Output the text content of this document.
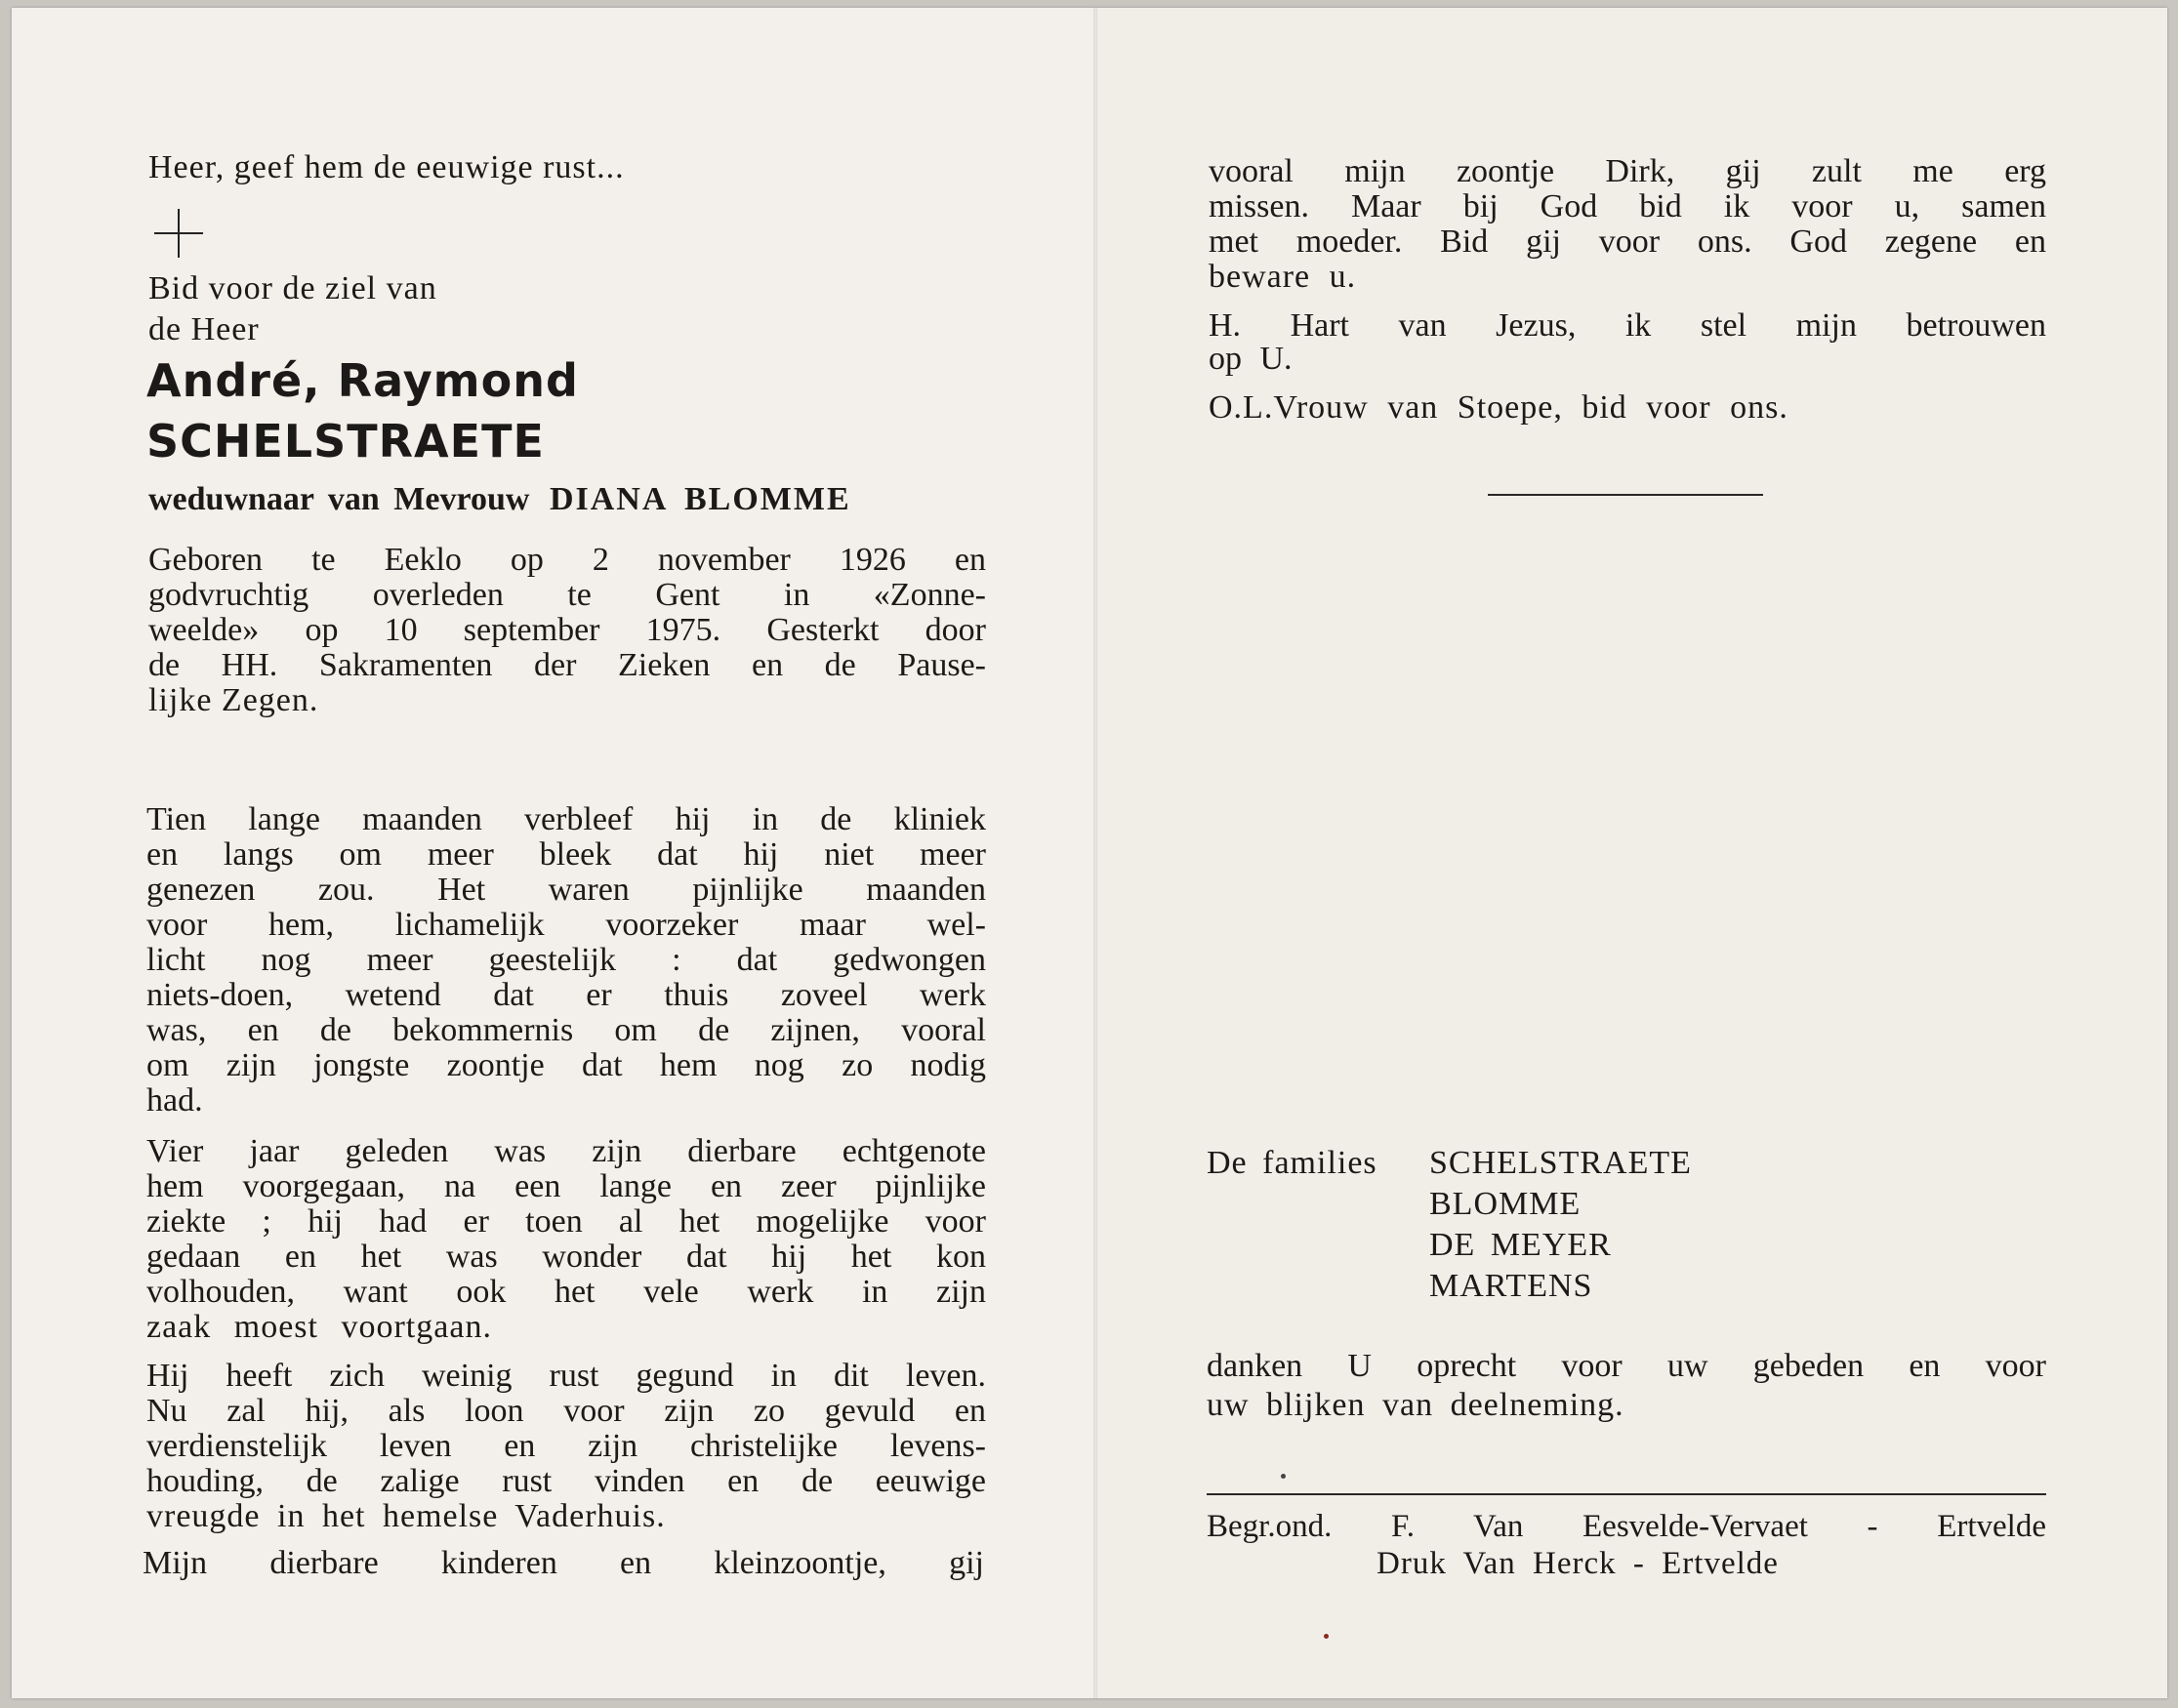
Heer, geef hem de eeuwige rust...
Bid voor de ziel van
de Heer
André, Raymond
SCHELSTRAETE
weduwnaar van Mevrouw DIANA BLOMME
Geboren te Eeklo op 2 november 1926 en
godvruchtig overleden te Gent in «Zonne-
weelde» op 10 september 1975. Gesterkt door
de HH. Sakramenten der Zieken en de Pause-
lijke Zegen.
Tien lange maanden verbleef hij in de kliniek
en langs om meer bleek dat hij niet meer
genezen zou. Het waren pijnlijke maanden
voor hem, lichamelijk voorzeker maar wel-
licht nog meer geestelijk : dat gedwongen
niets-doen, wetend dat er thuis zoveel werk
was, en de bekommernis om de zijnen, vooral
om zijn jongste zoontje dat hem nog zo nodig
had.
Vier jaar geleden was zijn dierbare echtgenote
hem voorgegaan, na een lange en zeer pijnlijke
ziekte ; hij had er toen al het mogelijke voor
gedaan en het was wonder dat hij het kon
volhouden, want ook het vele werk in zijn
zaak moest voortgaan.
Hij heeft zich weinig rust gegund in dit leven.
Nu zal hij, als loon voor zijn zo gevuld en
verdienstelijk leven en zijn christelijke levens-
houding, de zalige rust vinden en de eeuwige
vreugde in het hemelse Vaderhuis.
Mijn dierbare kinderen en kleinzoontje, gij
vooral mijn zoontje Dirk, gij zult me erg
missen. Maar bij God bid ik voor u, samen
met moeder. Bid gij voor ons. God zegene en
beware u.
H. Hart van Jezus, ik stel mijn betrouwen
op U.
O.L.Vrouw van Stoepe, bid voor ons.
De families SCHELSTRAETE
BLOMME
DE MEYER
MARTENS
danken U oprecht voor uw gebeden en voor
uw blijken van deelneming.
Begr.ond. F. Van Eesvelde-Vervaet - Ertvelde
Druk Van Herck - Ertvelde
